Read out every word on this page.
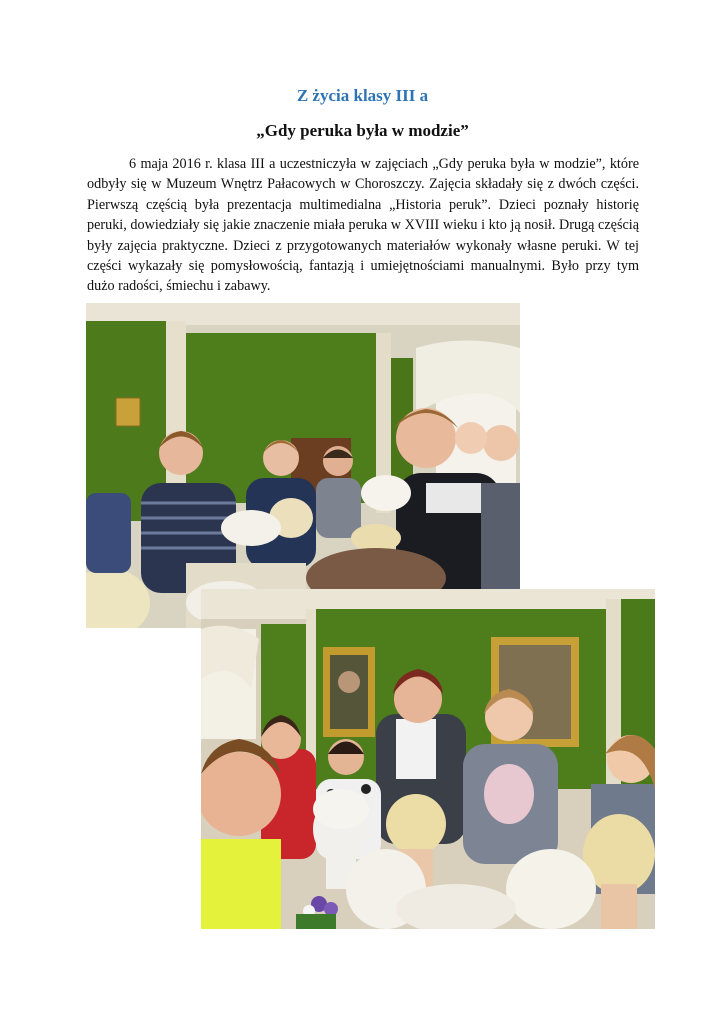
Z życia klasy III a
„Gdy peruka była w modzie”

6 maja 2016 r. klasa III a uczestniczyła w zajęciach „Gdy peruka była w modzie”, które odbyły się w Muzeum Wnętrz Pałacowych w Choroszczy. Zajęcia składały się z dwóch części. Pierwszą częścią była prezentacja multimedialna „Historia peruk”. Dzieci poznały historię peruki, dowiedziały się jakie znaczenie miała peruka w XVIII wieku i kto ją nosił. Drugą częścią były zajęcia praktyczne. Dzieci z przygotowanych materiałów wykonały własne peruki. W tej części wykazały się pomysłowością, fantazją i umiejętnościami manualnymi. Było przy tym dużo radości, śmiechu i zabawy.
